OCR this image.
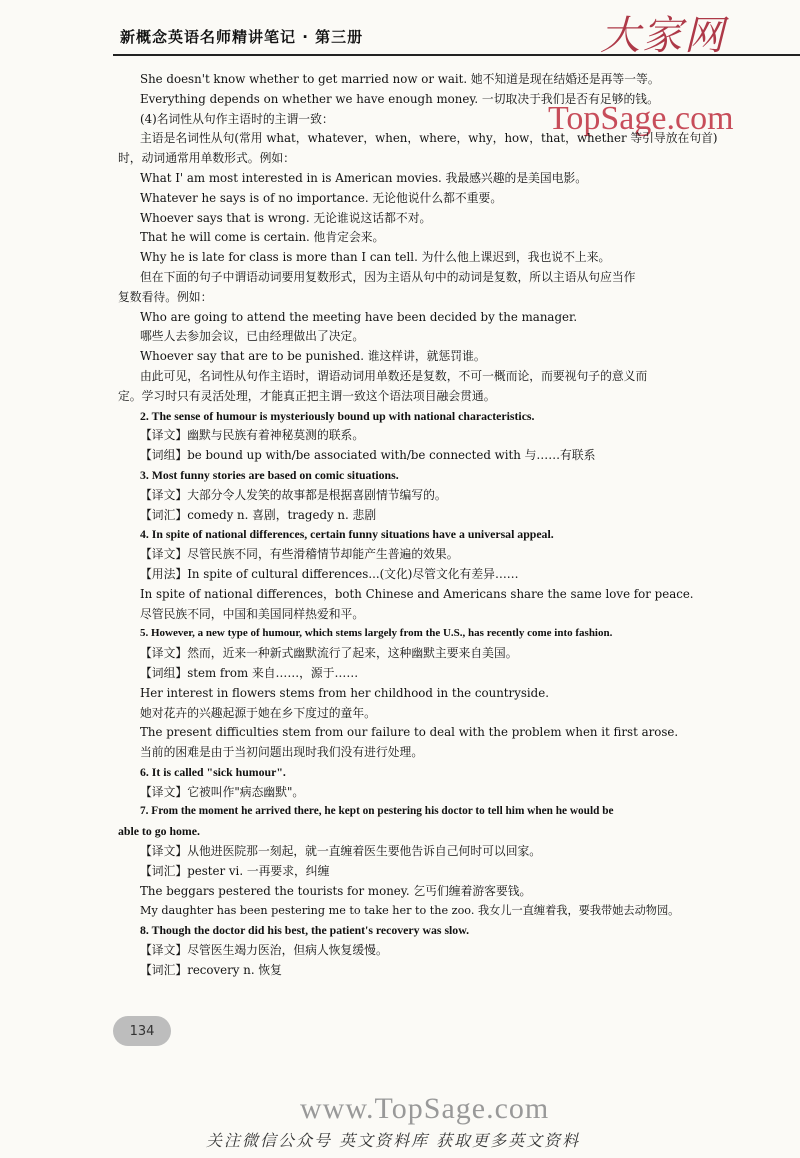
新概念英语名师精讲笔记 · 第三册	大家网
TopSage.com
She doesn't know whether to get married now or wait. 她不知道是现在结婚还是再等一等。
Everything depends on whether we have enough money. 一切取决于我们是否有足够的钱。
(4)名词性从句作主语时的主谓一致：
主语是名词性从句(常用 what，whatever，when，where，why，how，that，whether 等引导放在句首)
时，动词通常用单数形式。例如：
What I' am most interested in is American movies. 我最感兴趣的是美国电影。
Whatever he says is of no importance. 无论他说什么都不重要。
Whoever says that is wrong. 无论谁说这话都不对。
That he will come is certain. 他肯定会来。
Why he is late for class is more than I can tell. 为什么他上课迟到，我也说不上来。
但在下面的句子中谓语动词要用复数形式，因为主语从句中的动词是复数，所以主语从句应当作
复数看待。例如：
Who are going to attend the meeting have been decided by the manager.
哪些人去参加会议，已由经理做出了决定。
Whoever say that are to be punished. 谁这样讲，就惩罚谁。
由此可见，名词性从句作主语时，谓语动词用单数还是复数，不可一概而论，而要视句子的意义而
定。学习时只有灵活处理，才能真正把主谓一致这个语法项目融会贯通。
2. The sense of humour is mysteriously bound up with national characteristics.
【译文】幽默与民族有着神秘莫测的联系。
【词组】be bound up with/be associated with/be connected with 与……有联系
3. Most funny stories are based on comic situations.
【译文】大部分令人发笑的故事都是根据喜剧情节编写的。
【词汇】comedy n. 喜剧，tragedy n. 悲剧
4. In spite of national differences, certain funny situations have a universal appeal.
【译文】尽管民族不同，有些滑稽情节却能产生普遍的效果。
【用法】In spite of cultural differences...(文化)尽管文化有差异……
In spite of national differences，both Chinese and Americans share the same love for peace.
尽管民族不同，中国和美国同样热爱和平。
5. However, a new type of humour, which stems largely from the U.S., has recently come into fashion.
【译文】然而，近来一种新式幽默流行了起来，这种幽默主要来自美国。
【词组】stem from 来自……，源于……
Her interest in flowers stems from her childhood in the countryside.
她对花卉的兴趣起源于她在乡下度过的童年。
The present difficulties stem from our failure to deal with the problem when it first arose.
当前的困难是由于当初问题出现时我们没有进行处理。
6. It is called "sick humour".
【译文】它被叫作"病态幽默"。
7. From the moment he arrived there, he kept on pestering his doctor to tell him when he would be
able to go home.
【译文】从他进医院那一刻起，就一直缠着医生要他告诉自己何时可以回家。
【词汇】pester vi. 一再要求，纠缠
The beggars pestered the tourists for money. 乞丐们缠着游客要钱。
My daughter has been pestering me to take her to the zoo. 我女儿一直缠着我，要我带她去动物园。
8. Though the doctor did his best, the patient's recovery was slow.
【译文】尽管医生竭力医治，但病人恢复缓慢。
【词汇】recovery n. 恢复
134
www.TopSage.com
关注微信公众号 英文资料库 获取更多英文资料
